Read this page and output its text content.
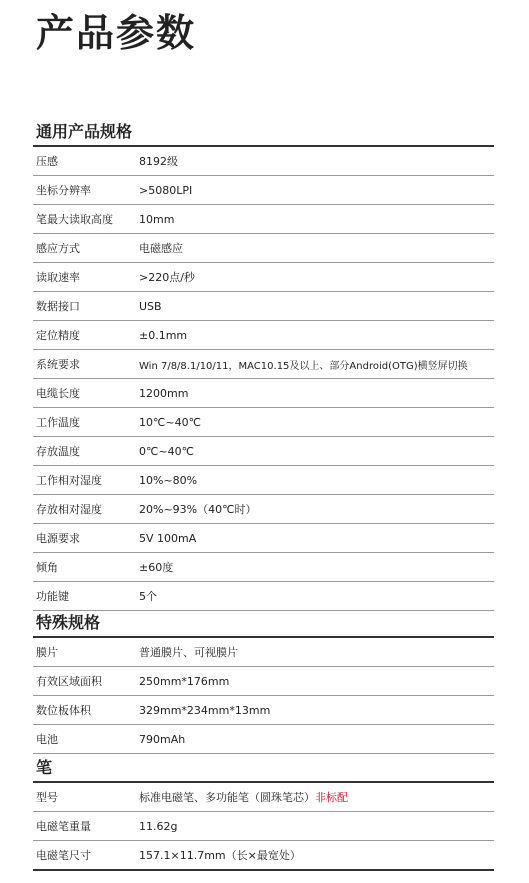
产品参数
通用产品规格
压感	8192级
坐标分辨率	>5080LPI
笔最大读取高度	10mm
感应方式	电磁感应
读取速率	>220点/秒
数据接口	USB
定位精度	±0.1mm
系统要求	Win 7/8/8.1/10/11，MAC10.15及以上、部分Android(OTG)横竖屏切换
电缆长度	1200mm
工作温度	10℃~40℃
存放温度	0℃~40℃
工作相对湿度	10%~80%
存放相对湿度	20%~93%（40℃时）
电源要求	5V 100mA
倾角	±60度
功能键	5个
特殊规格
膜片	普通膜片、可视膜片
有效区域面积	250mm*176mm
数位板体积	329mm*234mm*13mm
电池	790mAh
笔
型号	标准电磁笔、多功能笔（圆珠笔芯）非标配
电磁笔重量	11.62g
电磁笔尺寸	157.1×11.7mm（长×最宽处）
